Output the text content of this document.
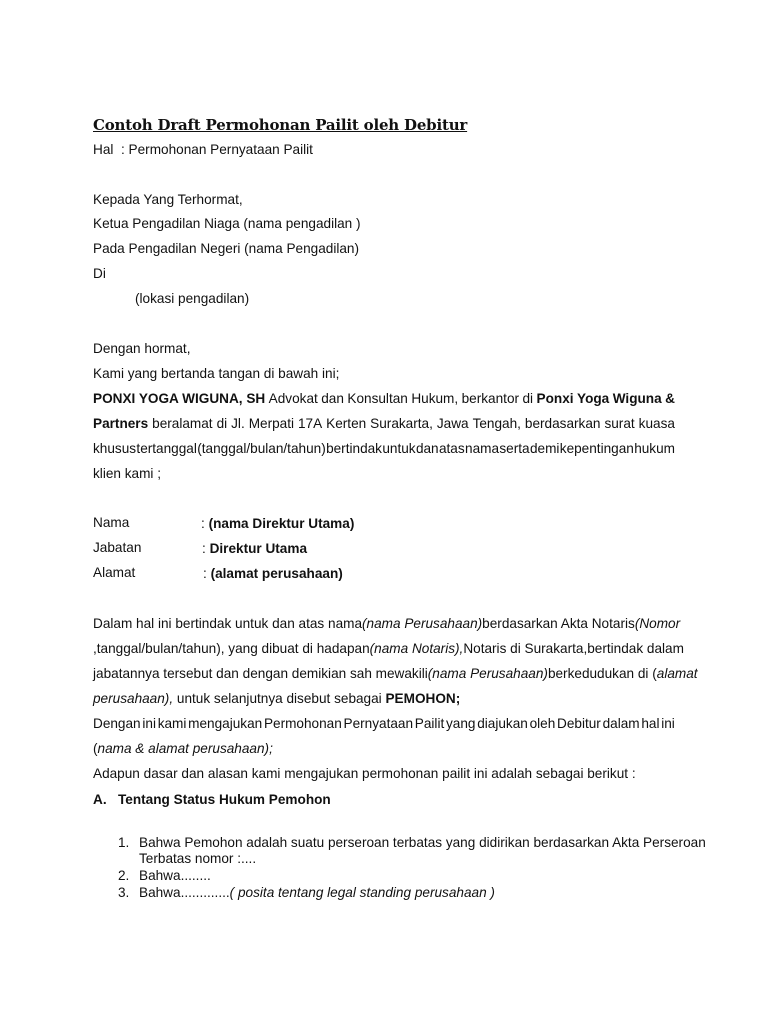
Contoh Draft Permohonan Pailit oleh Debitur
Hal : Permohonan Pernyataan Pailit
Kepada Yang Terhormat,
Ketua Pengadilan Niaga (nama pengadilan )
Pada Pengadilan Negeri (nama Pengadilan)
Di
(lokasi pengadilan)
Dengan hormat,
Kami yang bertanda tangan di bawah ini;
PONXI YOGA WIGUNA, SH Advokat dan Konsultan Hukum, berkantor di Ponxi Yoga Wiguna &
Partners beralamat di Jl. Merpati 17A Kerten Surakarta, Jawa Tengah, berdasarkan surat kuasa
khusus tertanggal (tanggal/bulan/tahun) bertindak untuk dan atas nama serta demi kepentingan hukum
klien kami ;
Nama	: (nama Direktur Utama)
Jabatan	: Direktur Utama
Alamat	: (alamat perusahaan)
Dalam hal ini bertindak untuk dan atas nama (nama Perusahaan) berdasarkan Akta Notaris (Nomor
,tanggal/bulan/tahun), yang dibuat di hadapan (nama Notaris), Notaris di Surakarta, bertindak dalam
jabatannya tersebut dan dengan demikian sah mewakili (nama Perusahaan) berkedudukan di (alamat
perusahaan), untuk selanjutnya disebut sebagai PEMOHON;
Dengan ini kami mengajukan Permohonan Pernyataan Pailit yang diajukan oleh Debitur dalam hal ini
(nama & alamat perusahaan);
Adapun dasar dan alasan kami mengajukan permohonan pailit ini adalah sebagai berikut :
A. Tentang Status Hukum Pemohon
1. Bahwa Pemohon adalah suatu perseroan terbatas yang didirikan berdasarkan Akta Perseroan
Terbatas nomor :....
2. Bahwa........
3. Bahwa.............( posita tentang legal standing perusahaan )
